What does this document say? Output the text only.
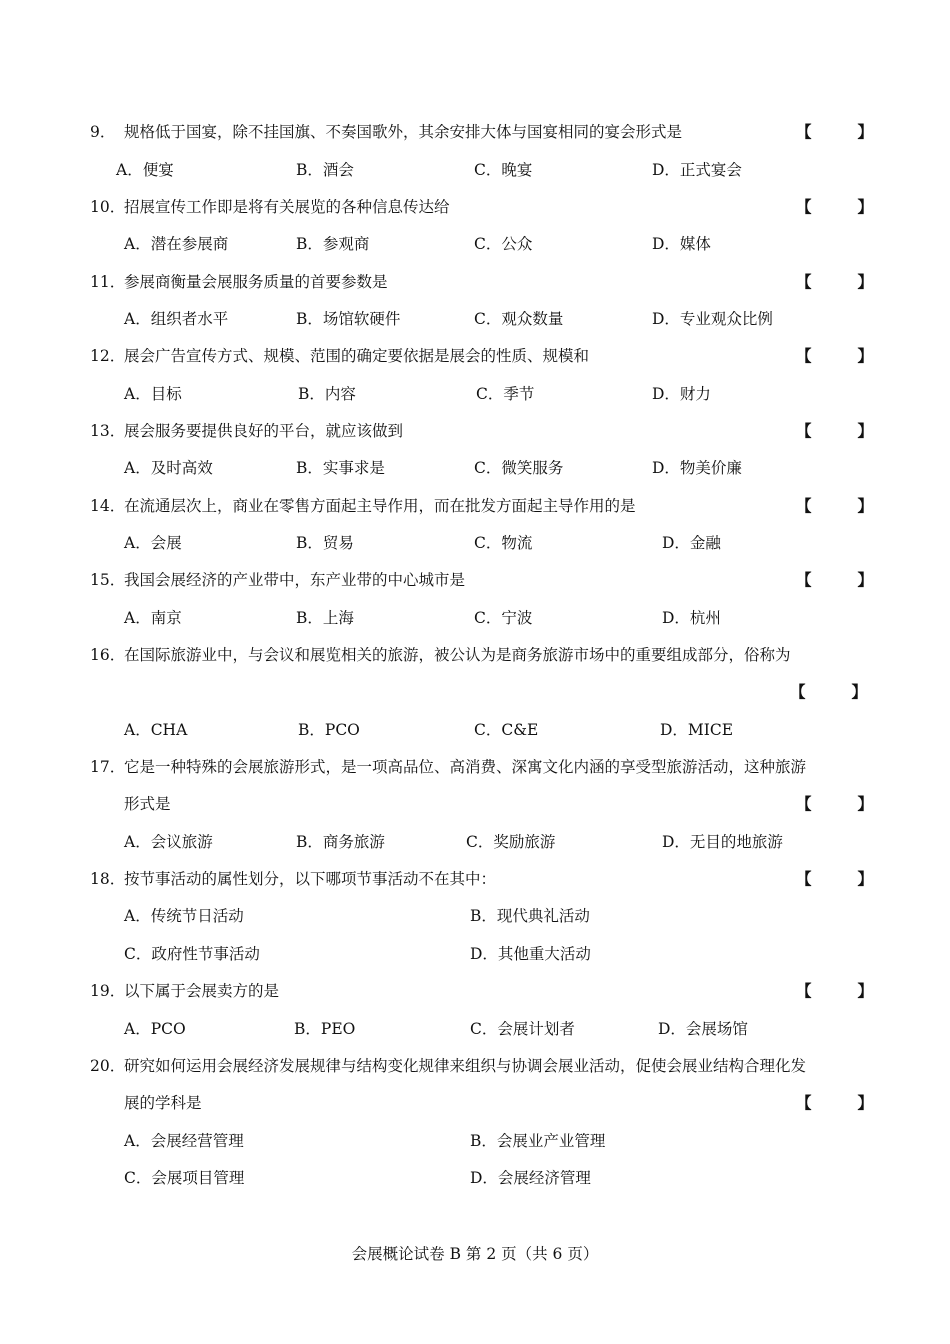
9． 规格低于国宴，除不挂国旗、不奏国歌外，其余安排大体与国宴相同的宴会形式是	【	】
A．便宴	B．酒会	C．晚宴	D．正式宴会
10．
招展宣传工作即是将有关展览的各种信息传达给	【	】
A．潜在参展商	B．参观商	C．公众	D．媒体
11．
参展商衡量会展服务质量的首要参数是	【	】
A．组织者水平	B．场馆软硬件	C．观众数量	D．专业观众比例
12．
展会广告宣传方式、规模、范围的确定要依据是展会的性质、规模和	【	】
A．目标	B．内容	C．季节	D．财力
13．
展会服务要提供良好的平台，就应该做到	【	】
A．及时高效	B．实事求是	C．微笑服务	D．物美价廉
14．
在流通层次上，商业在零售方面起主导作用，而在批发方面起主导作用的是	【	】
A．会展	B．贸易	C．物流	D．金融
15．
我国会展经济的产业带中，东产业带的中心城市是	【	】
A．南京	B．上海	C．宁波	D．杭州
16．
在国际旅游业中，与会议和展览相关的旅游，被公认为是商务旅游市场中的重要组成部分，俗称为
【	】
A．CHA	B．PCO	C．C&E	D．MICE
17．
它是一种特殊的会展旅游形式，是一项高品位、高消费、深寓文化内涵的享受型旅游活动，这种旅游
形式是	【	】
A．会议旅游	B．商务旅游	C．奖励旅游	D．无目的地旅游
18．
按节事活动的属性划分，以下哪项节事活动不在其中：	【	】
A．传统节日活动	B．现代典礼活动
C．政府性节事活动	D．其他重大活动
19．
以下属于会展卖方的是	【	】
A．PCO	B．PEO	C．会展计划者	D．会展场馆
20．
研究如何运用会展经济发展规律与结构变化规律来组织与协调会展业活动，促使会展业结构合理化发
展的学科是	【	】
A．会展经营管理	B．会展业产业管理
C．会展项目管理	D．会展经济管理
会展概论试卷 B 第 2 页（共 6 页）
